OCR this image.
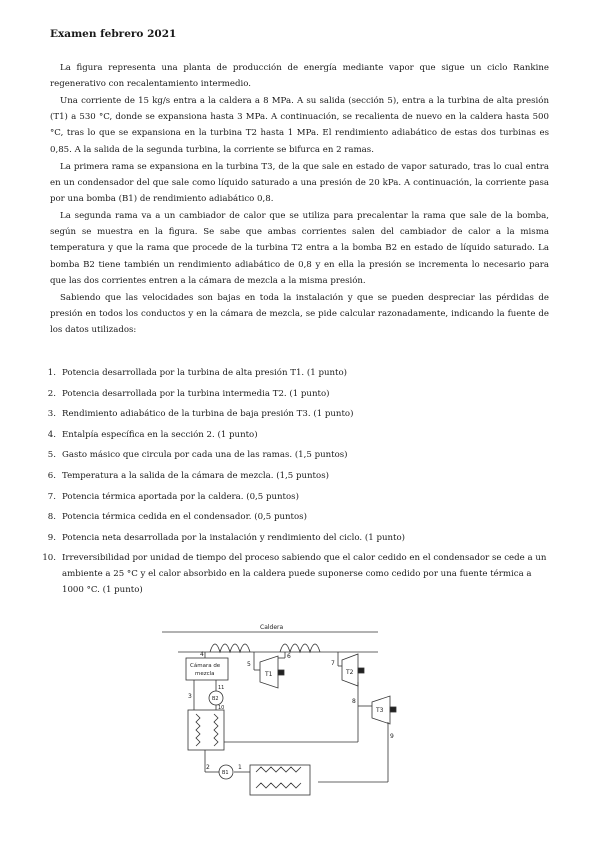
Examen febrero 2021

La figura representa una planta de producción de energía mediante vapor que sigue un ciclo Rankine regenerativo con recalentamiento intermedio.

Una corriente de 15 kg/s entra a la caldera a 8 MPa. A su salida (sección 5), entra a la turbina de alta presión (T1) a 530 °C, donde se expansiona hasta 3 MPa. A continuación, se recalienta de nuevo en la caldera hasta 500 °C, tras lo que se expansiona en la turbina T2 hasta 1 MPa. El rendimiento adiabático de estas dos turbinas es 0,85. A la salida de la segunda turbina, la corriente se bifurca en 2 ramas.

La primera rama se expansiona en la turbina T3, de la que sale en estado de vapor saturado, tras lo cual entra en un condensador del que sale como líquido saturado a una presión de 20 kPa. A continuación, la corriente pasa por una bomba (B1) de rendimiento adiabático 0,8.

La segunda rama va a un cambiador de calor que se utiliza para precalentar la rama que sale de la bomba, según se muestra en la figura. Se sabe que ambas corrientes salen del cambiador de calor a la misma temperatura y que la rama que procede de la turbina T2 entra a la bomba B2 en estado de líquido saturado. La bomba B2 tiene también un rendimiento adiabático de 0,8 y en ella la presión se incrementa lo necesario para que las dos corrientes entren a la cámara de mezcla a la misma presión.

Sabiendo que las velocidades son bajas en toda la instalación y que se pueden despreciar las pérdidas de presión en todos los conductos y en la cámara de mezcla, se pide calcular razonadamente, indicando la fuente de los datos utilizados:

1. Potencia desarrollada por la turbina de alta presión T1. (1 punto)
2. Potencia desarrollada por la turbina intermedia T2. (1 punto)
3. Rendimiento adiabático de la turbina de baja presión T3. (1 punto)
4. Entalpía específica en la sección 2. (1 punto)
5. Gasto másico que circula por cada una de las ramas. (1,5 puntos)
6. Temperatura a la salida de la cámara de mezcla. (1,5 puntos)
7. Potencia térmica aportada por la caldera. (0,5 puntos)
8. Potencia térmica cedida en el condensador. (0,5 puntos)
9. Potencia neta desarrollada por la instalación y rendimiento del ciclo. (1 punto)
10. Irreversibilidad por unidad de tiempo del proceso sabiendo que el calor cedido en el condensador se cede a un ambiente a 25 °C y el calor absorbido en la caldera puede suponerse como cedido por una fuente térmica a 1000 °C. (1 punto)
Caldera
Cámara de
mezcla	T1	T2
T3
B1
B2
1
2
3
4
5
6
7
8
9
10
11
